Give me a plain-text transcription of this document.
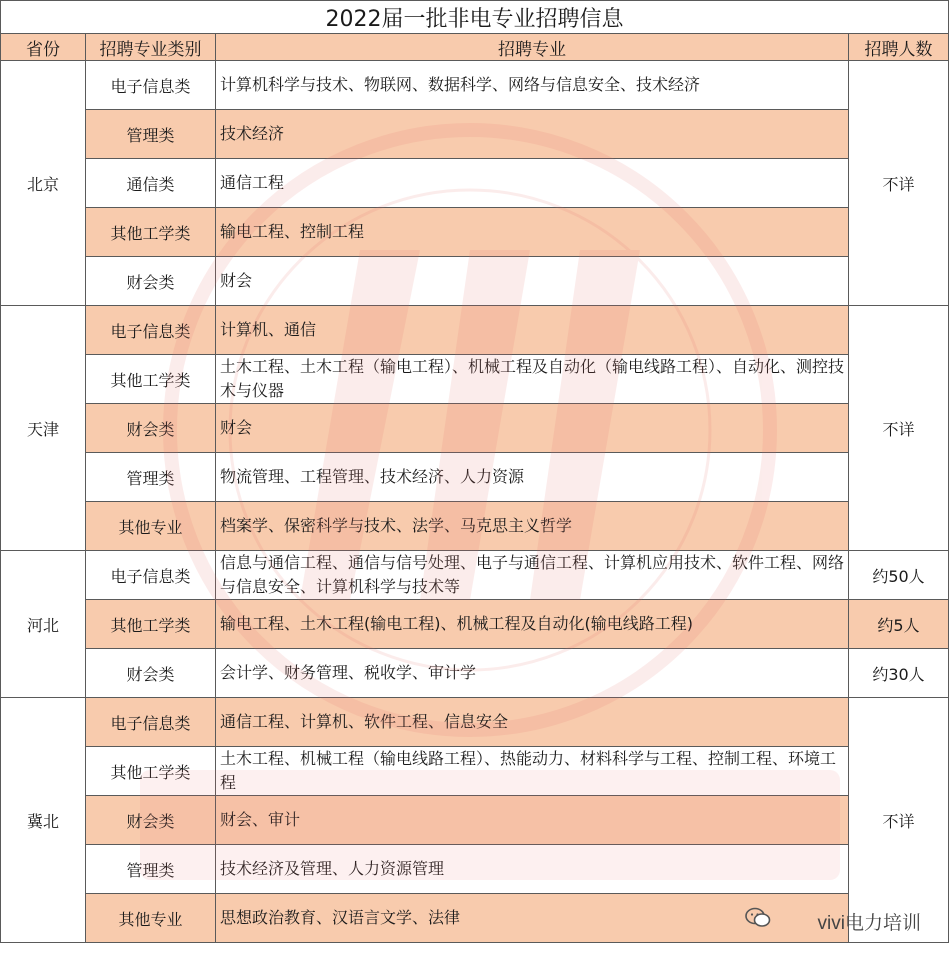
2022届一批非电专业招聘信息			
省份	招聘专业类别	招聘专业	招聘人数
北京	电子信息类	计算机科学与技术、物联网、数据科学、网络与信息安全、技术经济	不详
	管理类	技术经济	
	通信类	通信工程	
	其他工学类	输电工程、控制工程	
	财会类	财会	
天津	电子信息类	计算机、通信	不详
	其他工学类	土木工程、土木工程（输电工程）、机械工程及自动化（输电线路工程）、自动化、测控技术与仪器	
	财会类	财会	
	管理类	物流管理、工程管理、技术经济、人力资源	
	其他专业	档案学、保密科学与技术、法学、马克思主义哲学	
河北	电子信息类	信息与通信工程、通信与信号处理、电子与通信工程、计算机应用技术、软件工程、网络与信息安全、计算机科学与技术等	约50人
	其他工学类	输电工程、土木工程(输电工程)、机械工程及自动化(输电线路工程)	约5人
	财会类	会计学、财务管理、税收学、审计学	约30人
冀北	电子信息类	通信工程、计算机、软件工程、信息安全	不详
	其他工学类	土木工程、机械工程（输电线路工程）、热能动力、材料科学与工程、控制工程、环境工程	
	财会类	财会、审计	
	管理类	技术经济及管理、人力资源管理	
	其他专业	思想政治教育、汉语言文学、法律		vivi电力培训
